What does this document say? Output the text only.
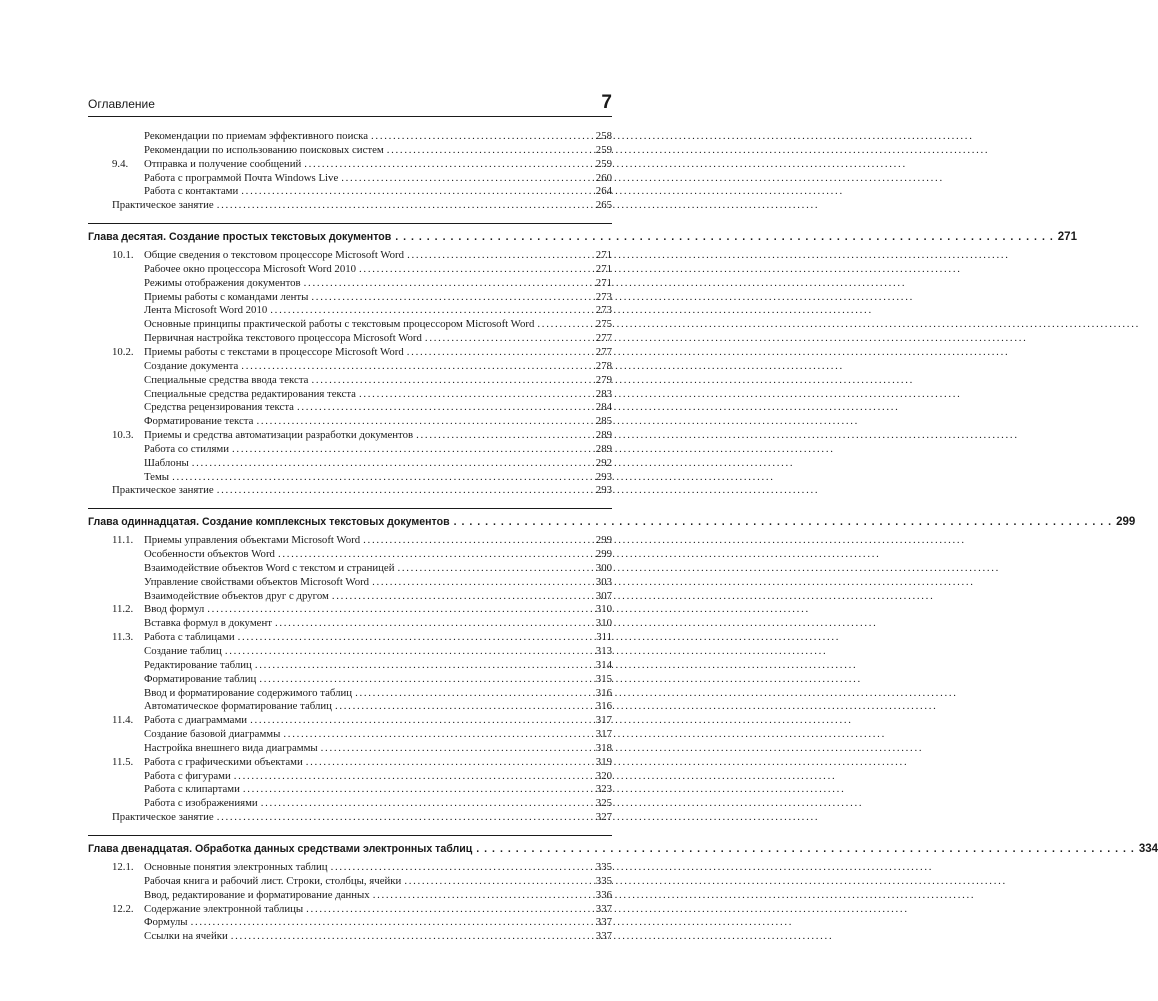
Оглавление	7
Рекомендации по приемам эффективного поиска . . .	258
Рекомендации по использованию поисковых систем . . .	259
9.4.	Отправка и получение сообщений . . .	259
Работа с программой Почта Windows Live . . .	260
Работа с контактами . . .	264
Практическое занятие . . .	265
Глава десятая. Создание простых текстовых документов . . .	271
10.1. Общие сведения о текстовом процессоре Microsoft Word . . .	271
Рабочее окно процессора Microsoft Word 2010 . . .	271
Режимы отображения документов . . .	271
Приемы работы с командами ленты . . .	273
Лента Microsoft Word 2010 . . .	273
Основные принципы практической работы с текстовым процессором Microsoft Word . . .	275
Первичная настройка текстового процессора Microsoft Word . . .	277
10.2. Приемы работы с текстами в процессоре Microsoft Word . . .	277
Создание документа . . .	278
Специальные средства ввода текста . . .	279
Специальные средства редактирования текста . . .	283
Средства рецензирования текста . . .	284
Форматирование текста . . .	285
10.3. Приемы и средства автоматизации разработки документов . . .	289
Работа со стилями . . .	289
Шаблоны . . .	292
Темы . . .	293
Практическое занятие . . .	293
Глава одиннадцатая. Создание комплексных текстовых документов . . .	299
11.1. Приемы управления объектами Microsoft Word . . .	299
Особенности объектов Word . . .	299
Взаимодействие объектов Word с текстом и страницей . . .	300
Управление свойствами объектов Microsoft Word . . .	303
Взаимодействие объектов друг с другом . . .	307
11.2. Ввод формул . . .	310
Вставка формул в документ . . .	310
11.3. Работа с таблицами . . .	311
Создание таблиц . . .	313
Редактирование таблиц . . .	314
Форматирование таблиц . . .	315
Ввод и форматирование содержимого таблиц . . .	316
Автоматическое форматирование таблиц . . .	316
11.4. Работа с диаграммами . . .	317
Создание базовой диаграммы . . .	317
Настройка внешнего вида диаграммы . . .	318
11.5. Работа с графическими объектами . . .	319
Работа с фигурами . . .	320
Работа с клипартами . . .	323
Работа с изображениями . . .	325
Практическое занятие . . .	327
Глава двенадцатая. Обработка данных средствами электронных таблиц . . .	334
12.1. Основные понятия электронных таблиц . . .	335
Рабочая книга и рабочий лист. Строки, столбцы, ячейки . . .	335
Ввод, редактирование и форматирование данных . . .	336
12.2. Содержание электронной таблицы . . .	337
Формулы . . .	337
Ссылки на ячейки . . .	337
